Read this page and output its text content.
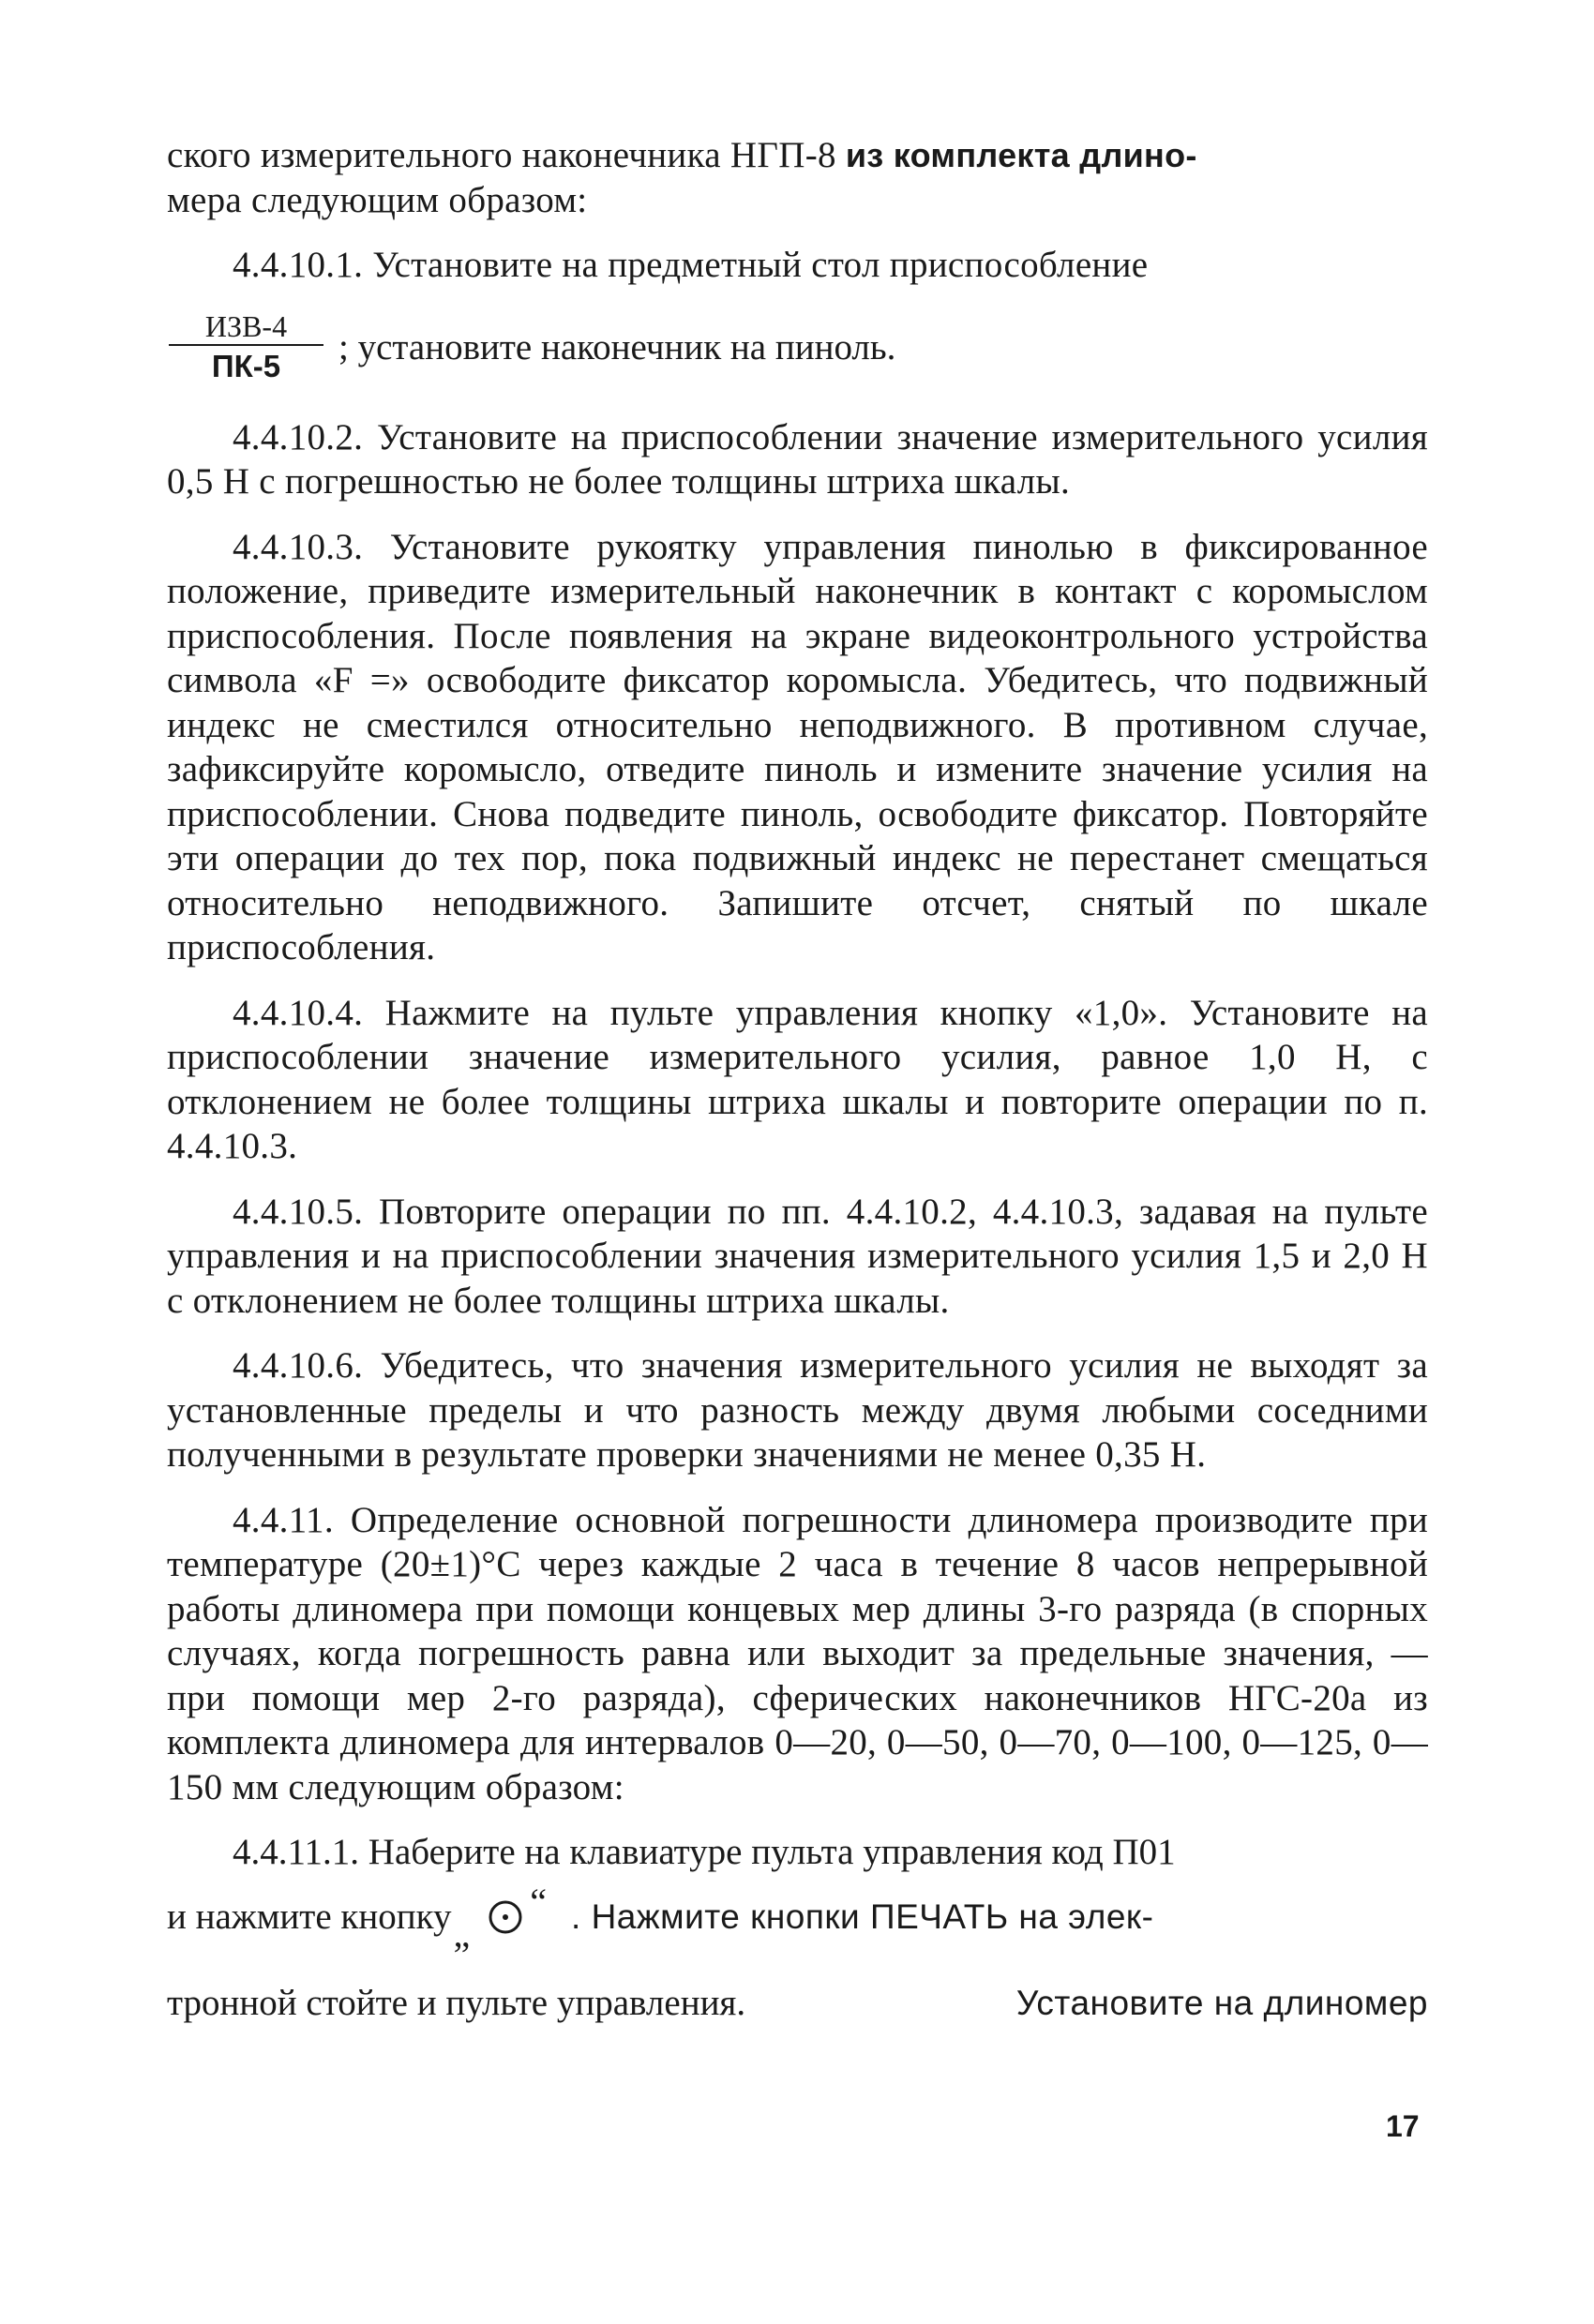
ского измерительного наконечника НГП-8 из комплекта длино-
мера следующим образом:

4.4.10.1. Установите на предметный стол приспособление

$\frac{\text{ИЗВ-4}}{ПК-5}$ ; установите наконечник на пиноль.

4.4.10.2. Установите на приспособлении значение измерительного усилия 0,5 Н с погрешностью не более толщины штриха шкалы.

4.4.10.3. Установите рукоятку управления пинолью в фиксированное положение, приведите измерительный наконечник в контакт с коромыслом приспособления. После появления на экране видеоконтрольного устройства символа «F =» освободите фиксатор коромысла. Убедитесь, что подвижный индекс не сместился относительно неподвижного. В противном случае, зафиксируйте коромысло, отведите пиноль и измените значение усилия на приспособлении. Снова подведите пиноль, освободите фиксатор. Повторяйте эти операции до тех пор, пока подвижный индекс не перестанет смещаться относительно неподвижного. Запишите отсчет, снятый по шкале приспособления.

4.4.10.4. Нажмите на пульте управления кнопку «1,0». Установите на приспособлении значение измерительного усилия, равное 1,0 Н, с отклонением не более толщины штриха шкалы и повторите операции по п. 4.4.10.3.

4.4.10.5. Повторите операции по пп. 4.4.10.2, 4.4.10.3, задавая на пульте управления и на приспособлении значения измерительного усилия 1,5 и 2,0 Н с отклонением не более толщины штриха шкалы.

4.4.10.6. Убедитесь, что значения измерительного усилия не выходят за установленные пределы и что разность между двумя любыми соседними полученными в результате проверки значениями не менее 0,35 Н.

4.4.11. Определение основной погрешности длиномера производите при температуре (20±1)°С через каждые 2 часа в течение 8 часов непрерывной работы длиномера при помощи концевых мер длины 3-го разряда (в спорных случаях, когда погрешность равна или выходит за предельные значения, — при помощи мер 2-го разряда), сферических наконечников НГС-20а из комплекта длиномера для интервалов 0—20, 0—50, 0—70, 0—100, 0—125, 0—150 мм следующим образом:

4.4.11.1. Наберите на клавиатуре пульта управления код П01
и нажмите кнопку „
“ . Нажмите кнопки ПЕЧАТЬ на элек-
тронной стойте и пульте управления.	Установите на длиномер
17
